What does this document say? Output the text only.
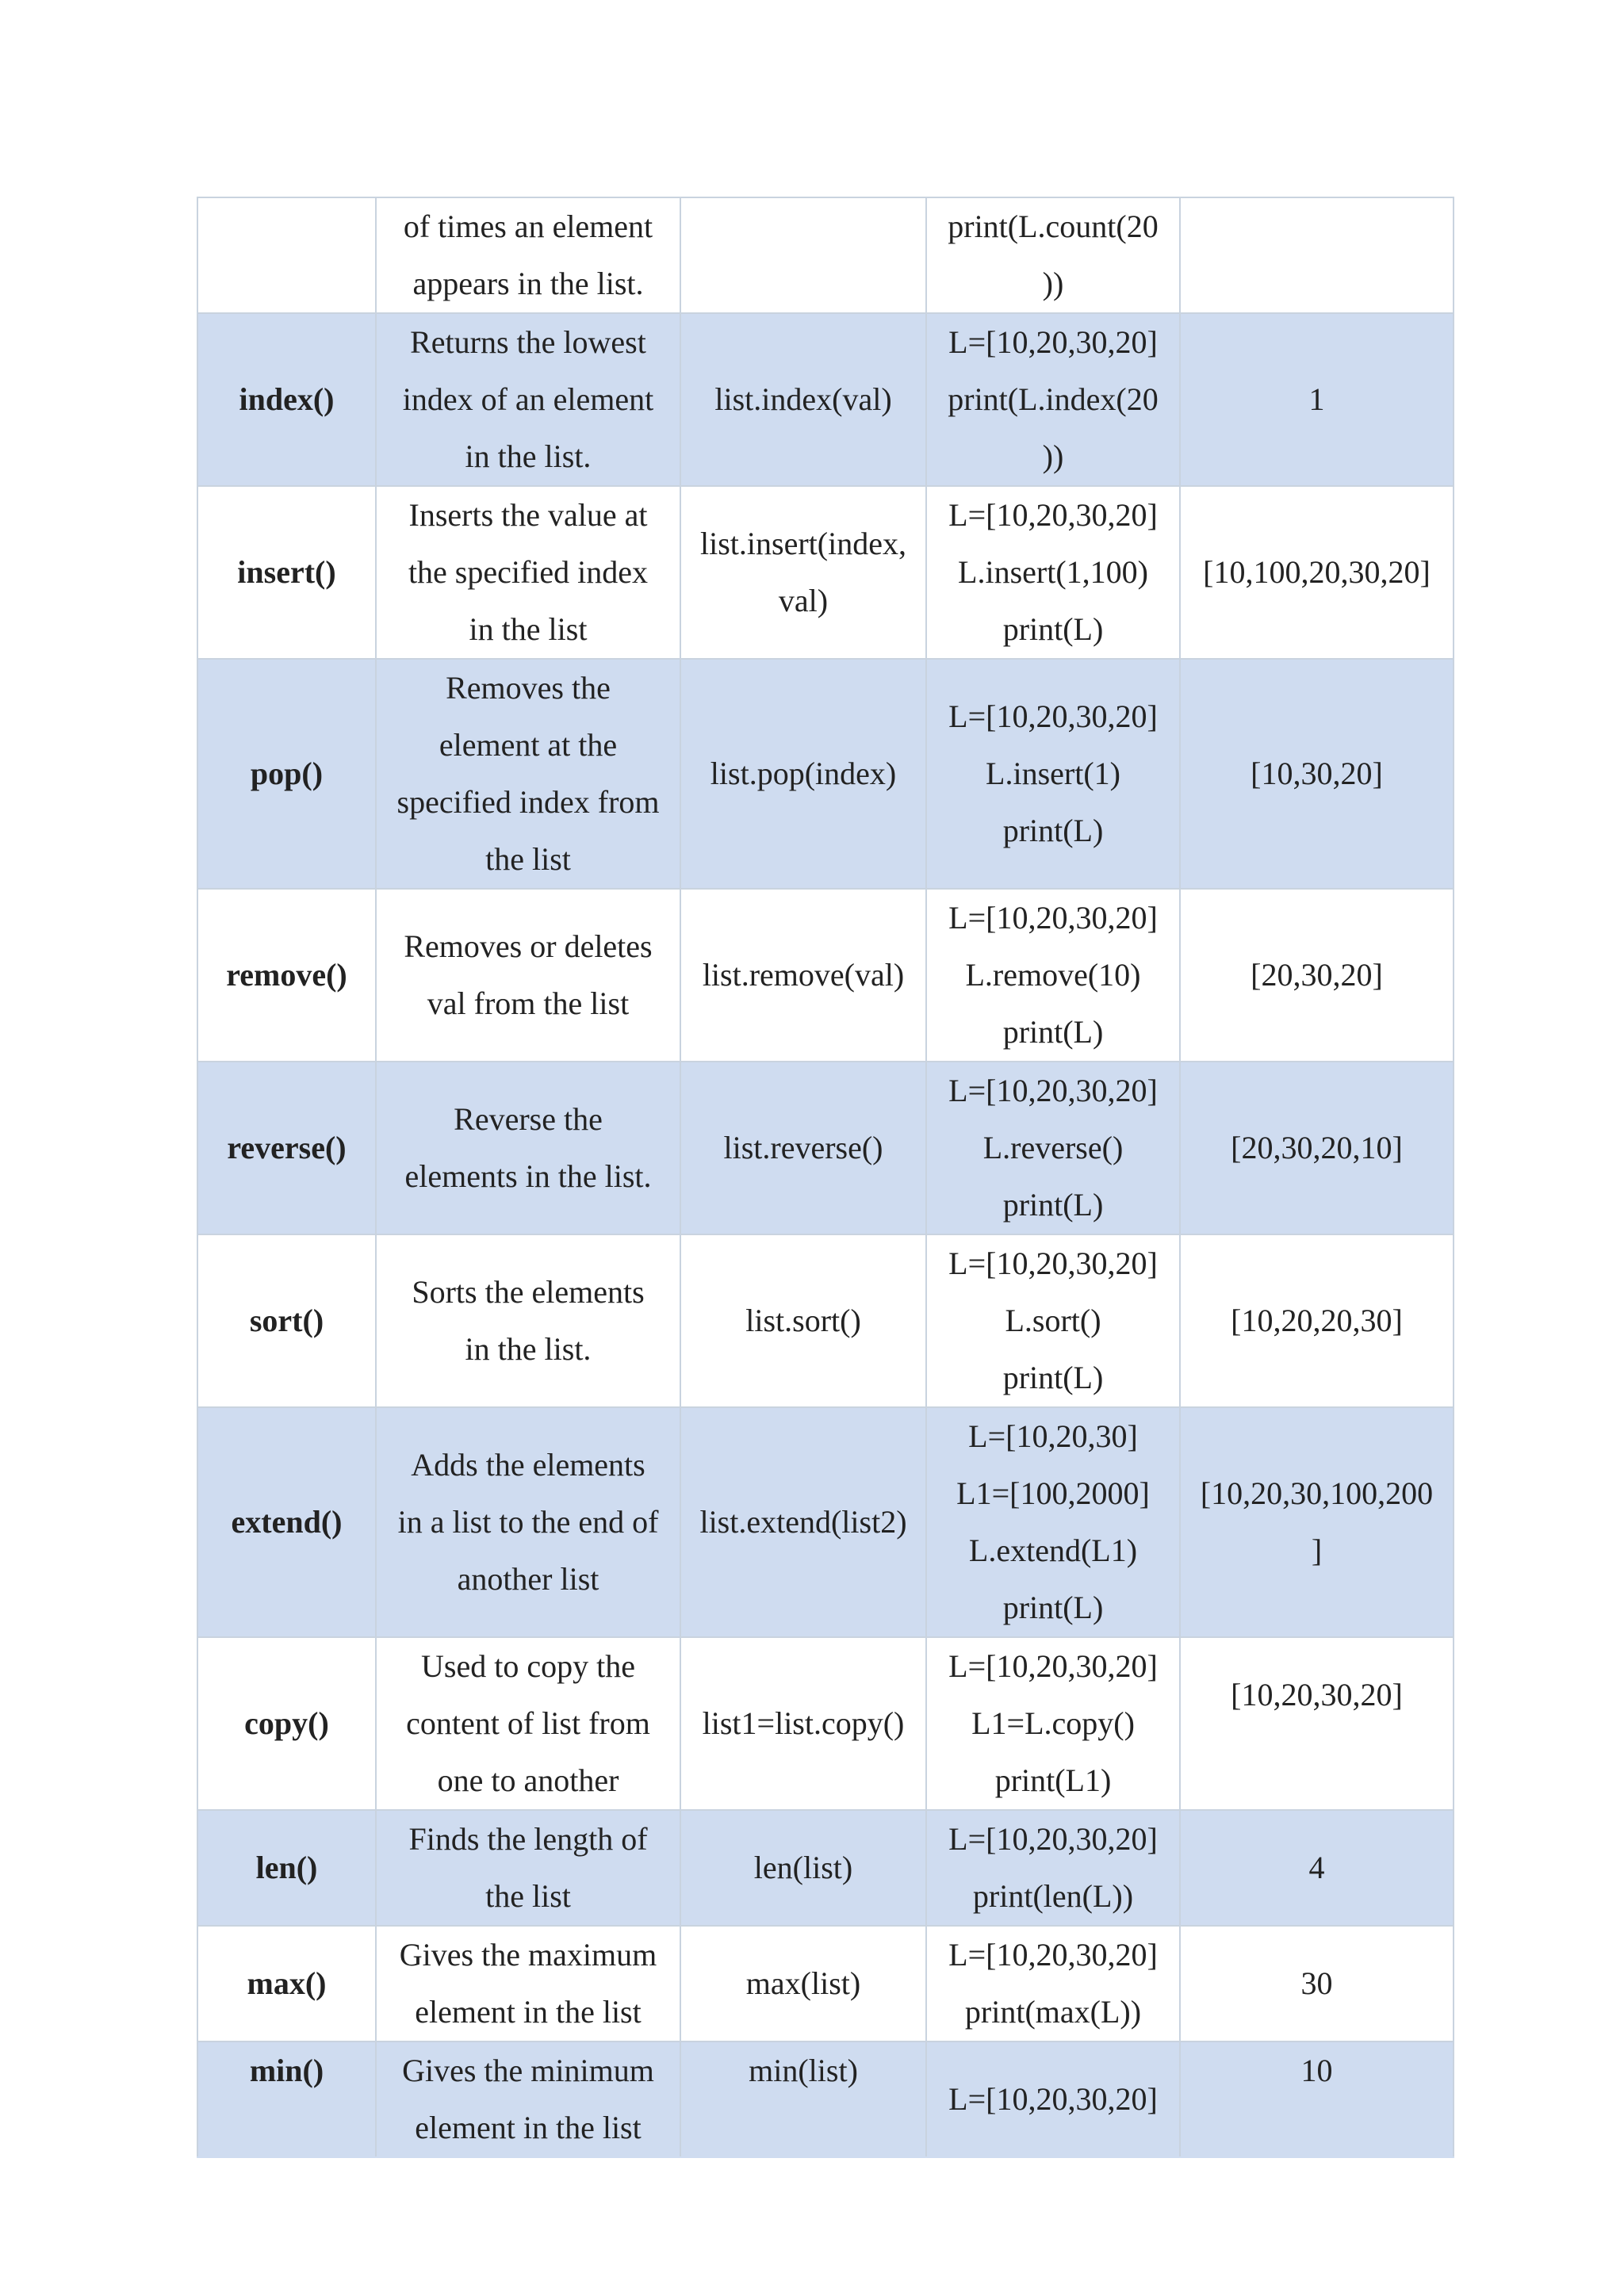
	of times an element
appears in the list.		print(L.count(20
))	

index()	Returns the lowest
index of an element
in the list.	list.index(val)	L=[10,20,30,20]
print(L.index(20
))	1

insert()	Inserts the value at
the specified index
in the list	list.insert(index,
val)	L=[10,20,30,20]
L.insert(1,100)
print(L)	[10,100,20,30,20]

pop()	Removes the
element at the
specified index from
the list	list.pop(index)	L=[10,20,30,20]
L.insert(1)
print(L)	[10,30,20]

remove()	Removes or deletes
val from the list	list.remove(val)	L=[10,20,30,20]
L.remove(10)
print(L)	[20,30,20]

reverse()	Reverse the
elements in the list.	list.reverse()	L=[10,20,30,20]
L.reverse()
print(L)	[20,30,20,10]

sort()	Sorts the elements
in the list.	list.sort()	L=[10,20,30,20]
L.sort()
print(L)	[10,20,20,30]

extend()	Adds the elements
in a list to the end of
another list	list.extend(list2)	L=[10,20,30]
L1=[100,2000]
L.extend(L1)
print(L)	[10,20,30,100,200
]

copy()	Used to copy the
content of list from
one to another	list1=list.copy()	L=[10,20,30,20]
L1=L.copy()
print(L1)	[10,20,30,20]

len()	Finds the length of
the list	len(list)	L=[10,20,30,20]
print(len(L))	4

max()	Gives the maximum
element in the list	max(list)	L=[10,20,30,20]
print(max(L))	30

min()	Gives the minimum
element in the list	min(list)	L=[10,20,30,20]	10
